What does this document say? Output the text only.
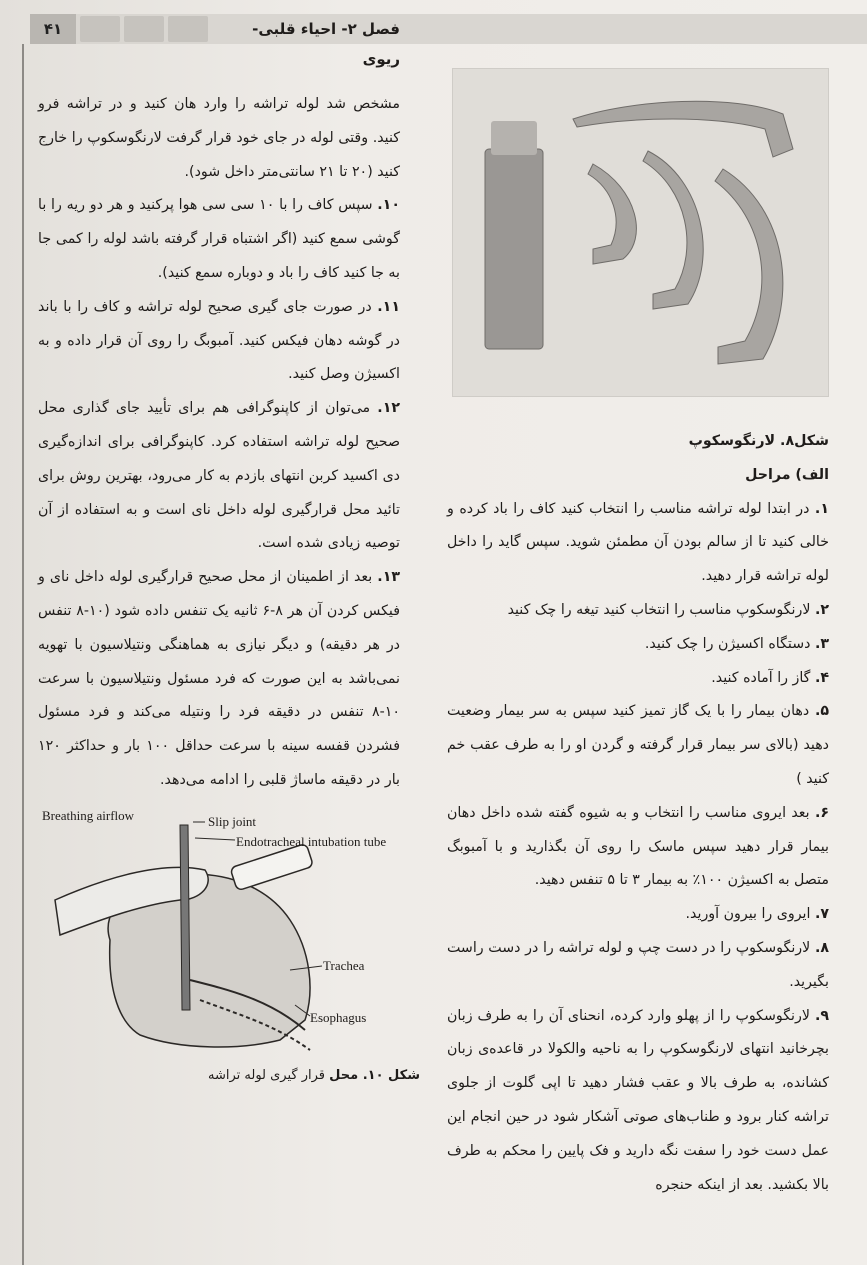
۴۱	فصل ۲- احیاء قلبی- ریوی

مشخص شد لوله تراشه را وارد هان کنید و در تراشه فرو کنید. وقتی لوله در جای خود قرار گرفت لارنگوسکوپ را خارج کنید (۲۰ تا ۲۱ سانتی‌متر داخل شود).

۱۰. سپس کاف را با ۱۰ سی سی هوا پرکنید و هر دو ریه را با گوشی سمع کنید (اگر اشتباه قرار گرفته باشد لوله را کمی جا به جا کنید کاف را باد و دوباره سمع کنید).

۱۱. در صورت جای گیری صحیح لوله تراشه و کاف را با باند در گوشه دهان فیکس کنید. آمبوبگ را روی آن قرار داده و به اکسیژن وصل کنید.

۱۲. می‌توان از کاپنوگرافی هم برای تأیید جای گذاری محل صحیح لوله تراشه استفاده کرد. کاپنوگرافی برای اندازه‌گیری دی اکسید کربن انتهای بازدم به کار می‌رود، بهترین روش برای تائید محل قرارگیری لوله داخل نای است و به استفاده از آن توصیه زیادی شده است.

۱۳. بعد از اطمینان از محل صحیح قرارگیری لوله داخل نای و فیکس کردن آن هر ۸-۶ ثانیه یک تنفس داده شود (۱۰-۸ تنفس در هر دقیقه) و دیگر نیازی به هماهنگی ونتیلاسیون با تهویه نمی‌باشد به این صورت که فرد مسئول ونتیلاسیون با سرعت ۱۰-۸ تنفس در دقیقه فرد را ونتیله می‌کند و فرد مسئول فشردن قفسه سینه با سرعت حداقل ۱۰۰ بار و حداکثر ۱۲۰ بار در دقیقه ماساژ قلبی را ادامه می‌دهد.

شکل۸. لارنگوسکوپ

الف) مراحل

۱. در ابتدا لوله تراشه مناسب را انتخاب کنید کاف را باد کرده و خالی کنید تا از سالم بودن آن مطمئن شوید. سپس گاید را داخل لوله تراشه قرار دهید.

۲. لارنگوسکوپ مناسب را انتخاب کنید تیغه را چک کنید

۳. دستگاه اکسیژن را چک کنید.

۴. گاز را آماده کنید.

۵. دهان بیمار را با یک گاز تمیز کنید سپس به سر بیمار وضعیت دهید (بالای سر بیمار قرار گرفته و گردن او را به طرف عقب خم کنید )

۶. بعد ایروی مناسب را انتخاب و به شیوه گفته شده داخل دهان بیمار قرار دهید سپس ماسک را روی آن بگذارید و با آمبوبگ متصل به اکسیژن ۱۰۰٪ به بیمار ۳ تا ۵ تنفس دهید.

۷. ایروی را بیرون آورید.

۸. لارنگوسکوپ را در دست چپ و لوله تراشه را در دست راست بگیرید.

۹. لارنگوسکوپ را از پهلو وارد کرده، انحنای آن را به طرف زبان بچرخانید انتهای لارنگوسکوپ را به ناحیه والکولا در قاعده‌ی زبان کشانده، به طرف بالا و عقب فشار دهید تا اپی گلوت از جلوی تراشه کنار برود و طناب‌های صوتی آشکار شود در حین انجام این عمل دست خود را سفت نگه دارید و فک پایین را محکم به طرف بالا بکشید. بعد از اینکه حنجره

Breathing airflow	Slip joint
Endotracheal intubation tube
Trachea
Esophagus
شکل ۱۰. محل قرار گیری لوله تراشه
